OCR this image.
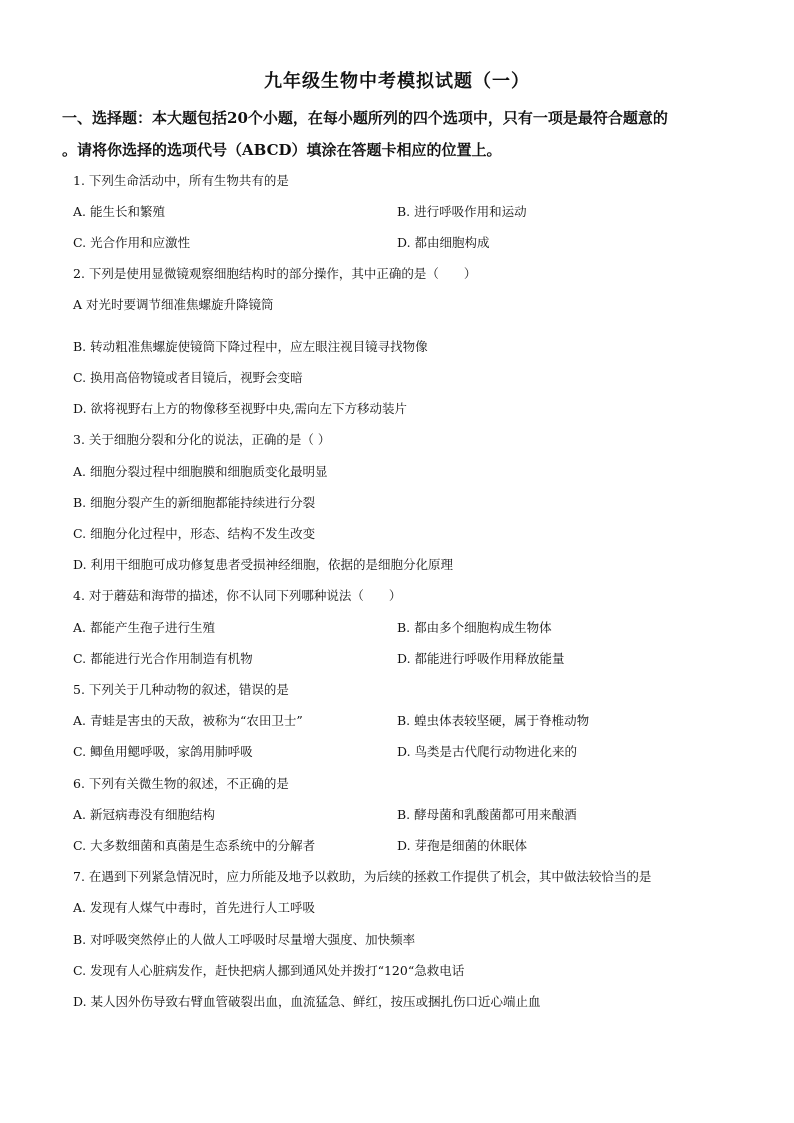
九年级生物中考模拟试题（一）
一、选择题：本大题包括20个小题，在每小题所列的四个选项中，只有一项是最符合题意的
。请将你选择的选项代号（ABCD）填涂在答题卡相应的位置上。
1. 下列生命活动中，所有生物共有的是
A. 能生长和繁殖	B. 进行呼吸作用和运动
C. 光合作用和应激性	D. 都由细胞构成
2. 下列是使用显微镜观察细胞结构时的部分操作，其中正确的是（　　）
A 对光时要调节细准焦螺旋升降镜筒
B. 转动粗准焦螺旋使镜筒下降过程中，应左眼注视目镜寻找物像
C. 换用高倍物镜或者目镜后，视野会变暗
D. 欲将视野右上方的物像移至视野中央,需向左下方移动装片
3. 关于细胞分裂和分化的说法，正确的是（ ）
A. 细胞分裂过程中细胞膜和细胞质变化最明显
B. 细胞分裂产生的新细胞都能持续进行分裂
C. 细胞分化过程中，形态、结构不发生改变
D. 利用干细胞可成功修复患者受损神经细胞，依据的是细胞分化原理
4. 对于蘑菇和海带的描述，你不认同下列哪种说法（　　）
A. 都能产生孢子进行生殖	B. 都由多个细胞构成生物体
C. 都能进行光合作用制造有机物	D. 都能进行呼吸作用释放能量
5. 下列关于几种动物的叙述，错误的是
A. 青蛙是害虫的天敌，被称为“农田卫士”	B. 蝗虫体表较坚硬，属于脊椎动物
C. 鲫鱼用鳃呼吸，家鸽用肺呼吸	D. 鸟类是古代爬行动物进化来的
6. 下列有关微生物的叙述，不正确的是
A. 新冠病毒没有细胞结构	B. 酵母菌和乳酸菌都可用来酿酒
C. 大多数细菌和真菌是生态系统中的分解者	D. 芽孢是细菌的休眠体
7. 在遇到下列紧急情况时，应力所能及地予以救助，为后续的拯救工作提供了机会，其中做法较恰当的是
A. 发现有人煤气中毒时，首先进行人工呼吸
B. 对呼吸突然停止的人做人工呼吸时尽量增大强度、加快频率
C. 发现有人心脏病发作，赶快把病人挪到通风处并拨打“120“急救电话
D. 某人因外伤导致右臂血管破裂出血，血流猛急、鲜红，按压或捆扎伤口近心端止血
